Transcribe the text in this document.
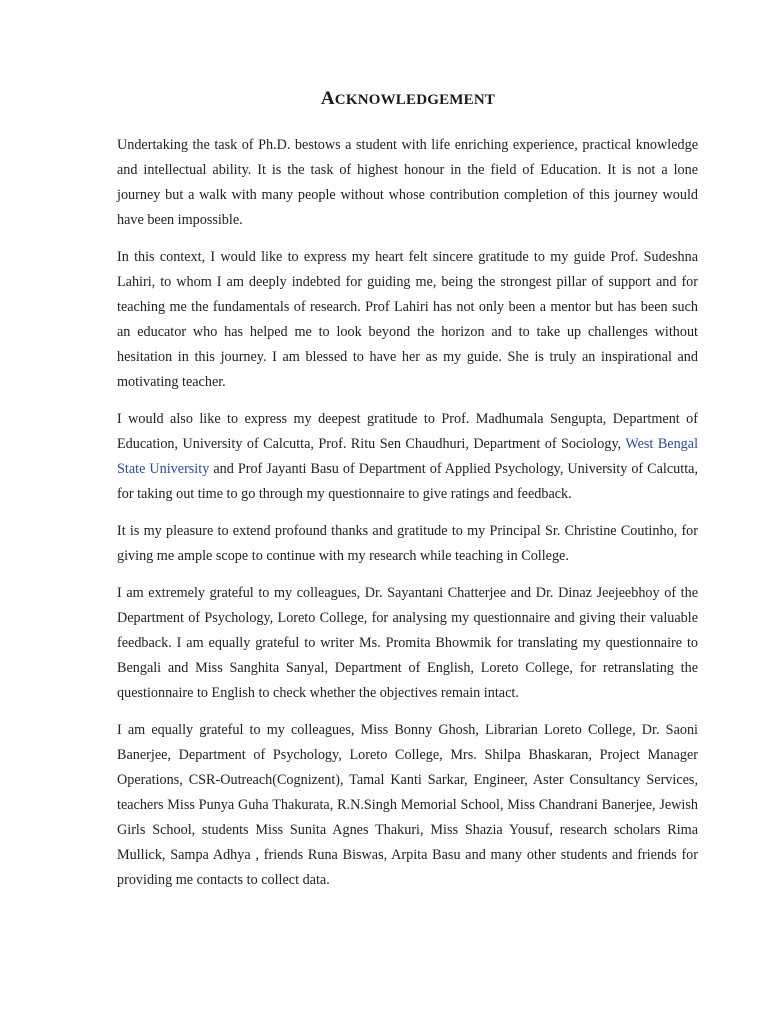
ACKNOWLEDGEMENT

Undertaking the task of Ph.D. bestows a student with life enriching experience, practical knowledge and intellectual ability. It is the task of highest honour in the field of Education. It is not a lone journey but a walk with many people without whose contribution completion of this journey would have been impossible.

In this context, I would like to express my heart felt sincere gratitude to my guide Prof. Sudeshna Lahiri, to whom I am deeply indebted for guiding me, being the strongest pillar of support and for teaching me the fundamentals of research. Prof Lahiri has not only been a mentor but has been such an educator who has helped me to look beyond the horizon and to take up challenges without hesitation in this journey. I am blessed to have her as my guide. She is truly an inspirational and motivating teacher.

I would also like to express my deepest gratitude to Prof. Madhumala Sengupta, Department of Education, University of Calcutta, Prof. Ritu Sen Chaudhuri, Department of Sociology, West Bengal State University and Prof Jayanti Basu of Department of Applied Psychology, University of Calcutta, for taking out time to go through my questionnaire to give ratings and feedback.

It is my pleasure to extend profound thanks and gratitude to my Principal Sr. Christine Coutinho, for giving me ample scope to continue with my research while teaching in College.

I am extremely grateful to my colleagues, Dr. Sayantani Chatterjee and Dr. Dinaz Jeejeebhoy of the Department of Psychology, Loreto College, for analysing my questionnaire and giving their valuable feedback. I am equally grateful to writer Ms. Promita Bhowmik for translating my questionnaire to Bengali and Miss Sanghita Sanyal, Department of English, Loreto College, for retranslating the questionnaire to English to check whether the objectives remain intact.

I am equally grateful to my colleagues, Miss Bonny Ghosh, Librarian Loreto College, Dr. Saoni Banerjee, Department of Psychology, Loreto College, Mrs. Shilpa Bhaskaran, Project Manager Operations, CSR-Outreach(Cognizent), Tamal Kanti Sarkar, Engineer, Aster Consultancy Services, teachers Miss Punya Guha Thakurata, R.N.Singh Memorial School, Miss Chandrani Banerjee, Jewish Girls School, students Miss Sunita Agnes Thakuri, Miss Shazia Yousuf, research scholars Rima Mullick, Sampa Adhya , friends Runa Biswas, Arpita Basu and many other students and friends for providing me contacts to collect data.
